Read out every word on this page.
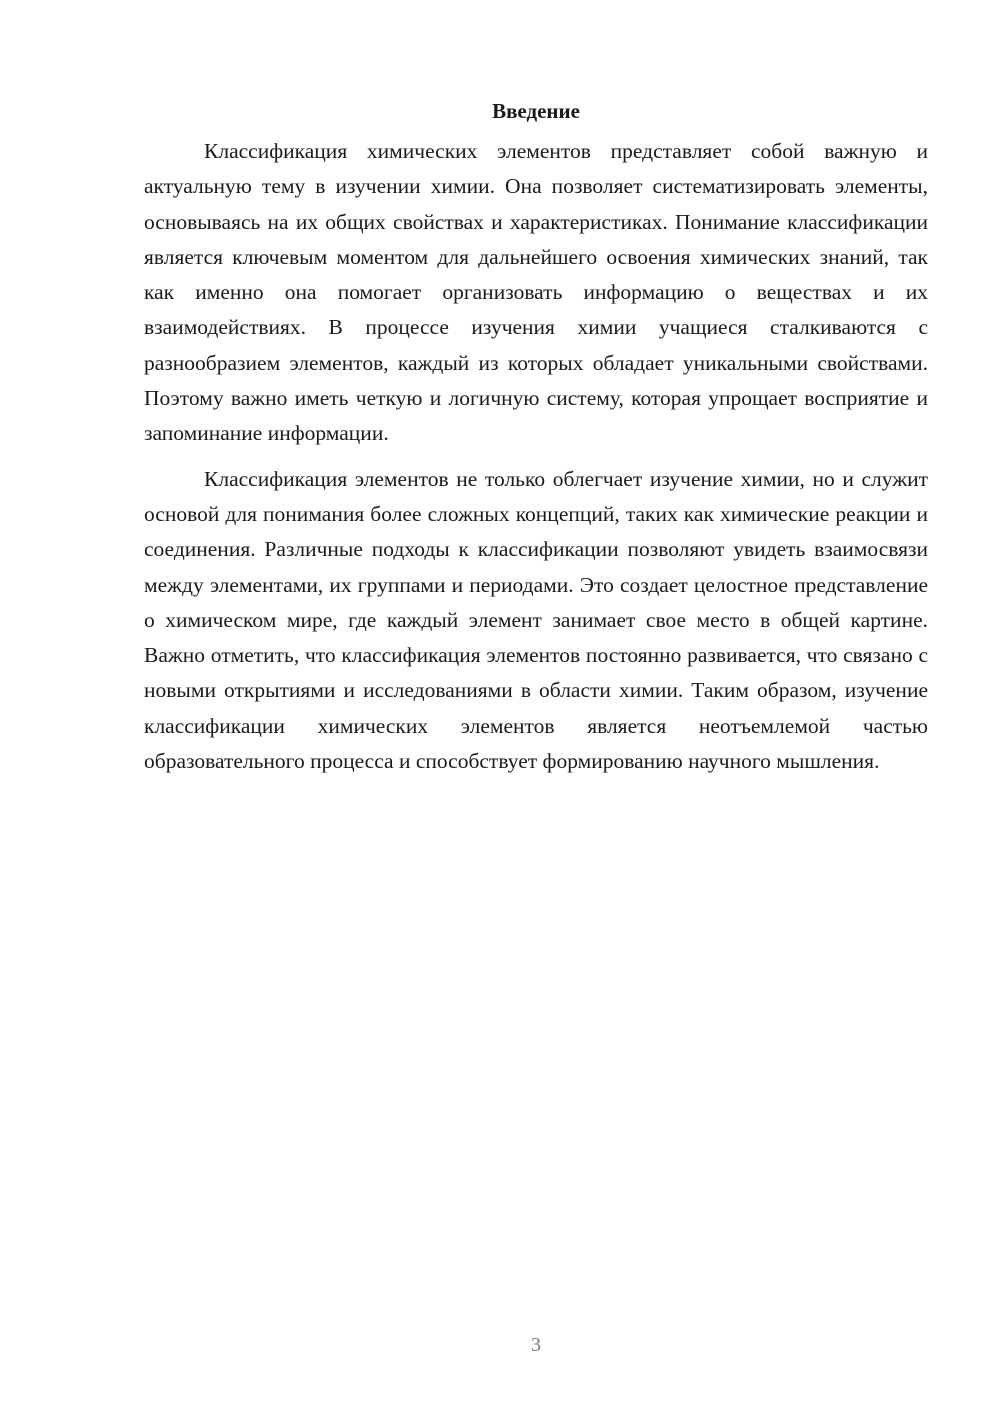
Введение

Классификация химических элементов представляет собой важную и актуальную тему в изучении химии. Она позволяет систематизировать элементы, основываясь на их общих свойствах и характеристиках. Понимание классификации является ключевым моментом для дальнейшего освоения химических знаний, так как именно она помогает организовать информацию о веществах и их взаимодействиях. В процессе изучения химии учащиеся сталкиваются с разнообразием элементов, каждый из которых обладает уникальными свойствами. Поэтому важно иметь четкую и логичную систему, которая упрощает восприятие и запоминание информации.

Классификация элементов не только облегчает изучение химии, но и служит основой для понимания более сложных концепций, таких как химические реакции и соединения. Различные подходы к классификации позволяют увидеть взаимосвязи между элементами, их группами и периодами. Это создает целостное представление о химическом мире, где каждый элемент занимает свое место в общей картине. Важно отметить, что классификация элементов постоянно развивается, что связано с новыми открытиями и исследованиями в области химии. Таким образом, изучение классификации химических элементов является неотъемлемой частью образовательного процесса и способствует формированию научного мышления.

3
